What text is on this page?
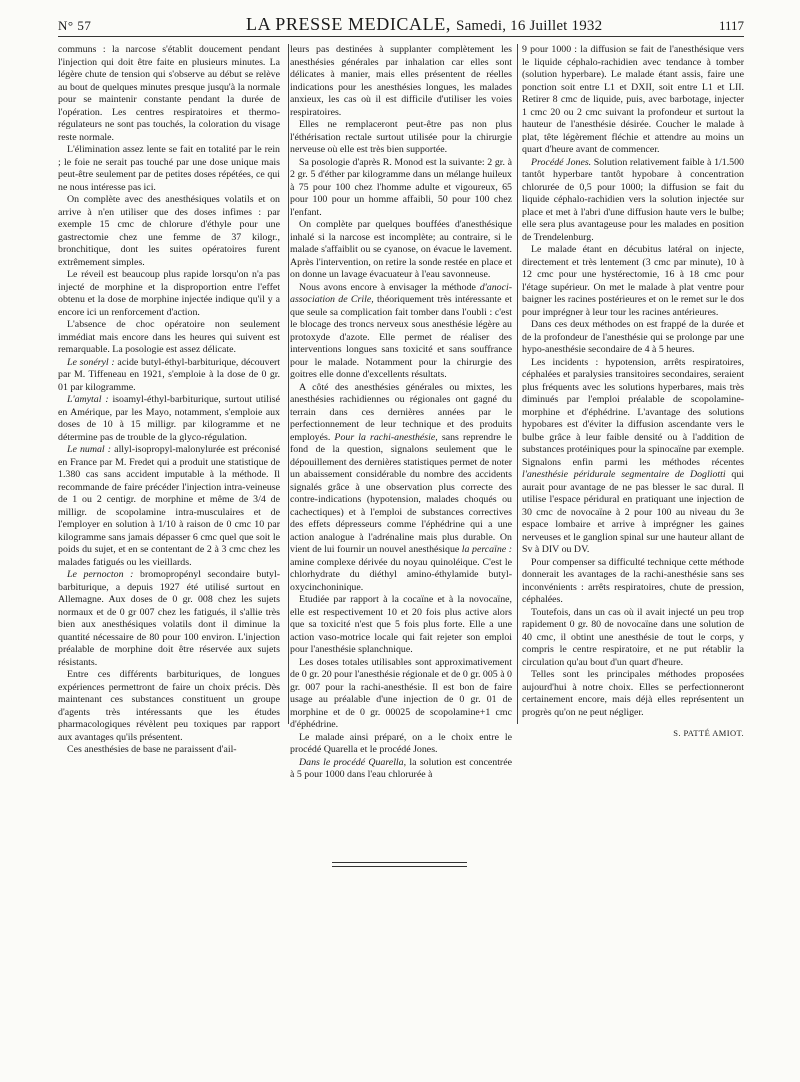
N° 57	LA PRESSE MEDICALE, Samedi, 16 Juillet 1932	1117

communs : la narcose s'établit doucement pendant l'injection qui doit être faite en plusieurs minutes. La légère chute de tension qui s'observe au début se relève au bout de quelques minutes presque jusqu'à la normale pour se maintenir constante pendant la durée de l'opération. Les centres respiratoires et thermo-régulateurs ne sont pas touchés, la coloration du visage reste normale.

L'élimination assez lente se fait en totalité par le rein ; le foie ne serait pas touché par une dose unique mais peut-être seulement par de petites doses répétées, ce qui ne nous intéresse pas ici.

On complète avec des anesthésiques volatils et on arrive à n'en utiliser que des doses infimes : par exemple 15 cmc de chlorure d'éthyle pour une gastrectomie chez une femme de 37 kilogr., bronchitique, dont les suites opératoires furent extrêmement simples.

Le réveil est beaucoup plus rapide lorsqu'on n'a pas injecté de morphine et la disproportion entre l'effet obtenu et la dose de morphine injectée indique qu'il y a encore ici un renforcement d'action.

L'absence de choc opératoire non seulement immédiat mais encore dans les heures qui suivent est remarquable. La posologie est assez délicate.

Le sonéryl : acide butyl-éthyl-barbiturique, découvert par M. Tiffeneau en 1921, s'emploie à la dose de 0 gr. 01 par kilogramme.

L'amytal : isoamyl-éthyl-barbiturique, surtout utilisé en Amérique, par les Mayo, notamment, s'emploie aux doses de 10 à 15 milligr. par kilogramme et ne détermine pas de trouble de la glyco-régulation.

Le numal : allyl-isopropyl-malonylurée est préconisé en France par M. Fredet qui a produit une statistique de 1.380 cas sans accident imputable à la méthode. Il recommande de faire précéder l'injection intra-veineuse de 1 ou 2 centigr. de morphine et même de 3/4 de milligr. de scopolamine intra-musculaires et de l'employer en solution à 1/10 à raison de 0 cmc 10 par kilogramme sans jamais dépasser 6 cmc quel que soit le poids du sujet, et en se contentant de 2 à 3 cmc chez les malades fatigués ou les vieillards.

Le pernocton : bromopropényl secondaire butyl-barbiturique, a depuis 1927 été utilisé surtout en Allemagne. Aux doses de 0 gr. 008 chez les sujets normaux et de 0 gr 007 chez les fatigués, il s'allie très bien aux anesthésiques volatils dont il diminue la quantité nécessaire de 80 pour 100 environ. L'injection préalable de morphine doit être réservée aux sujets résistants.

Entre ces différents barbituriques, de longues expériences permettront de faire un choix précis. Dès maintenant ces substances constituent un groupe d'agents très intéressants que les études pharmacologiques révèlent peu toxiques par rapport aux avantages qu'ils présentent.

Ces anesthésies de base ne paraissent d'ail-

leurs pas destinées à supplanter complètement les anesthésies générales par inhalation car elles sont délicates à manier, mais elles présentent de réelles indications pour les anesthésies longues, les malades anxieux, les cas où il est difficile d'utiliser les voies respiratoires.

Elles ne remplaceront peut-être pas non plus l'éthérisation rectale surtout utilisée pour la chirurgie nerveuse où elle est très bien supportée.

Sa posologie d'après R. Monod est la suivante: 2 gr. à 2 gr. 5 d'éther par kilogramme dans un mélange huileux à 75 pour 100 chez l'homme adulte et vigoureux, 65 pour 100 pour un homme affaibli, 50 pour 100 chez l'enfant.

On complète par quelques bouffées d'anesthésique inhalé si la narcose est incomplète; au contraire, si le malade s'affaiblit ou se cyanose, on évacue le lavement. Après l'intervention, on retire la sonde restée en place et on donne un lavage évacuateur à l'eau savonneuse.

Nous avons encore à envisager la méthode d'anoci-association de Crile, théoriquement très intéressante et que seule sa complication fait tomber dans l'oubli : c'est le blocage des troncs nerveux sous anesthésie légère au protoxyde d'azote. Elle permet de réaliser des interventions longues sans toxicité et sans souffrance pour le malade. Notamment pour la chirurgie des goitres elle donne d'excellents résultats.

A côté des anesthésies générales ou mixtes, les anesthésies rachidiennes ou régionales ont gagné du terrain dans ces dernières années par le perfectionnement de leur technique et des produits employés. Pour la rachi-anesthésie, sans reprendre le fond de la question, signalons seulement que le dépouillement des dernières statistiques permet de noter un abaissement considérable du nombre des accidents signalés grâce à une observation plus correcte des contre-indications (hypotension, malades choqués ou cachectiques) et à l'emploi de substances correctives des effets dépresseurs comme l'éphédrine qui a une action analogue à l'adrénaline mais plus durable. On vient de lui fournir un nouvel anesthésique la percaïne : amine complexe dérivée du noyau quinoléique. C'est le chlorhydrate du diéthyl amino-éthylamide butyl-oxycinchoninique.

Etudiée par rapport à la cocaïne et à la novocaïne, elle est respectivement 10 et 20 fois plus active alors que sa toxicité n'est que 5 fois plus forte. Elle a une action vaso-motrice locale qui fait rejeter son emploi pour l'anesthésie splanchnique.

Les doses totales utilisables sont approximativement de 0 gr. 20 pour l'anesthésie régionale et de 0 gr. 005 à 0 gr. 007 pour la rachi-anesthésie. Il est bon de faire usage au préalable d'une injection de 0 gr. 01 de morphine et de 0 gr. 00025 de scopolamine+1 cmc d'éphédrine.

Le malade ainsi préparé, on a le choix entre le procédé Quarella et le procédé Jones.

Dans le procédé Quarella, la solution est concentrée à 5 pour 1000 dans l'eau chlorurée à

9 pour 1000 : la diffusion se fait de l'anesthésique vers le liquide céphalo-rachidien avec tendance à tomber (solution hyperbare). Le malade étant assis, faire une ponction soit entre L1 et DXII, soit entre L1 et LII. Retirer 8 cmc de liquide, puis, avec barbotage, injecter 1 cmc 20 ou 2 cmc suivant la profondeur et surtout la hauteur de l'anesthésie désirée. Coucher le malade à plat, tête légèrement fléchie et attendre au moins un quart d'heure avant de commencer.

Procédé Jones. Solution relativement faible à 1/1.500 tantôt hyperbare tantôt hypobare à concentration chlorurée de 0,5 pour 1000; la diffusion se fait du liquide céphalo-rachidien vers la solution injectée sur place et met à l'abri d'une diffusion haute vers le bulbe; elle sera plus avantageuse pour les malades en position de Trendelenburg.

Le malade étant en décubitus latéral on injecte, directement et très lentement (3 cmc par minute), 10 à 12 cmc pour une hystérectomie, 16 à 18 cmc pour l'étage supérieur. On met le malade à plat ventre pour baigner les racines postérieures et on le remet sur le dos pour imprégner à leur tour les racines antérieures.

Dans ces deux méthodes on est frappé de la durée et de la profondeur de l'anesthésie qui se prolonge par une hypo-anesthésie secondaire de 4 à 5 heures.

Les incidents : hypotension, arrêts respiratoires, céphalées et paralysies transitoires secondaires, seraient plus fréquents avec les solutions hyperbares, mais très diminués par l'emploi préalable de scopolamine-morphine et d'éphédrine. L'avantage des solutions hypobares est d'éviter la diffusion ascendante vers le bulbe grâce à leur faible densité ou à l'addition de substances protéiniques pour la spinocaïne par exemple. Signalons enfin parmi les méthodes récentes l'anesthésie péridurale segmentaire de Dogliotti qui aurait pour avantage de ne pas blesser le sac dural. Il utilise l'espace péridural en pratiquant une injection de 30 cmc de novocaïne à 2 pour 100 au niveau du 3e espace lombaire et arrive à imprégner les gaines nerveuses et le ganglion spinal sur une hauteur allant de Sv à DIV ou DV.

Pour compenser sa difficulté technique cette méthode donnerait les avantages de la rachi-anesthésie sans ses inconvénients : arrêts respiratoires, chute de pression, céphalées.

Toutefois, dans un cas où il avait injecté un peu trop rapidement 0 gr. 80 de novocaïne dans une solution de 40 cmc, il obtint une anesthésie de tout le corps, y compris le centre respiratoire, et ne put rétablir la circulation qu'au bout d'un quart d'heure.

Telles sont les principales méthodes proposées aujourd'hui à notre choix. Elles se perfectionneront certainement encore, mais déjà elles représentent un progrès qu'on ne peut négliger.

S. PATTÉ AMIOT.
